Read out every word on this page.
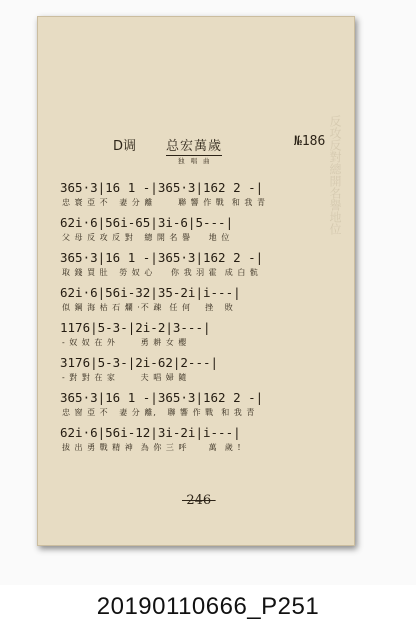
反攻反對總開名譽地位
D调 总宏萬歲
独 唱 曲
№186
365·3|16 1 -|365·3|162 2 -|
忠 寰 亞 不   妻 分 離       聯 響 作 戰  和 我 青
62i·6|56i-65|3i-6|5---|
父 母 反 攻 反 對   總 開 名 譽     地 位
365·3|16 1 -|365·3|162 2 -|
取 錢 買 肚   勞 奴 心     你 我 羽 霍  成 白 骯
62i·6|56i-32|35-2i|i---|
似 鋼 海 枯 石 爛 ·不 疎  任 何    挫   敗
1176|5-3-|2i-2|3---|
- 奴 奴 在 外       勇 耕 女 櫻
3176|5-3-|2i-62|2---|
- 對 對 在 家       夫 唱 婦 隨
365·3|16 1 -|365·3|162 2 -|
忠 窗 亞 不   妻 分 離,   聯 響 作 戰  和 我 青
62i·6|56i-12|3i-2i|i---|
拔 出 勇 戰 精 神  為 你 三 呼      萬  歲 !
-246-
20190110666_P251
